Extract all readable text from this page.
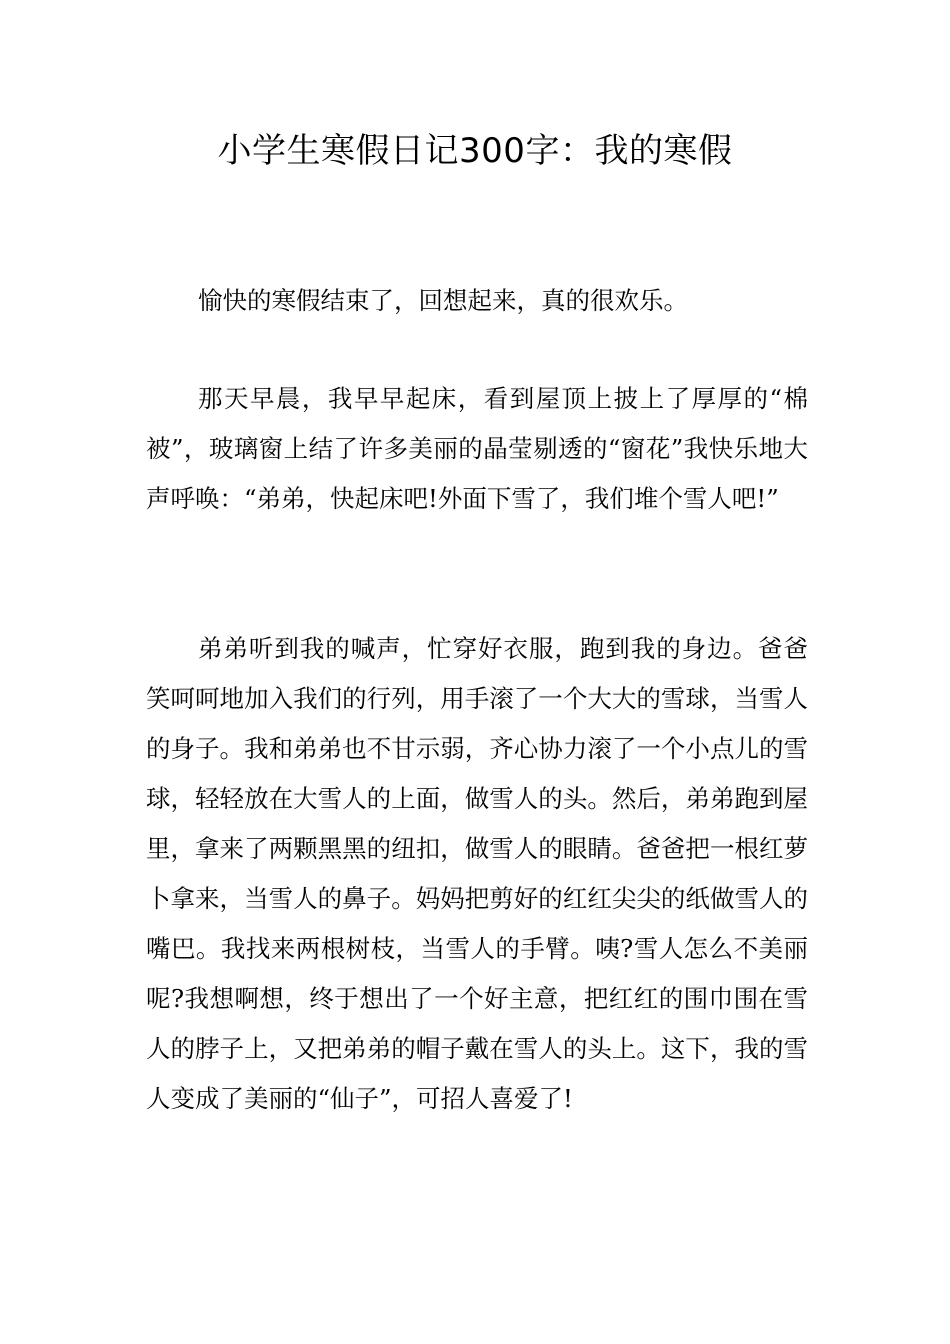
小学生寒假日记300字：我的寒假

愉快的寒假结束了，回想起来，真的很欢乐。

那天早晨，我早早起床，看到屋顶上披上了厚厚的“棉被”，玻璃窗上结了许多美丽的晶莹剔透的“窗花”我快乐地大声呼唤：“弟弟，快起床吧!外面下雪了，我们堆个雪人吧!”

弟弟听到我的喊声，忙穿好衣服，跑到我的身边。爸爸笑呵呵地加入我们的行列，用手滚了一个大大的雪球，当雪人的身子。我和弟弟也不甘示弱，齐心协力滚了一个小点儿的雪球，轻轻放在大雪人的上面，做雪人的头。然后，弟弟跑到屋里，拿来了两颗黑黑的纽扣，做雪人的眼睛。爸爸把一根红萝卜拿来，当雪人的鼻子。妈妈把剪好的红红尖尖的纸做雪人的嘴巴。我找来两根树枝，当雪人的手臂。咦?雪人怎么不美丽呢?我想啊想，终于想出了一个好主意，把红红的围巾围在雪人的脖子上，又把弟弟的帽子戴在雪人的头上。这下，我的雪人变成了美丽的“仙子”，可招人喜爱了!
